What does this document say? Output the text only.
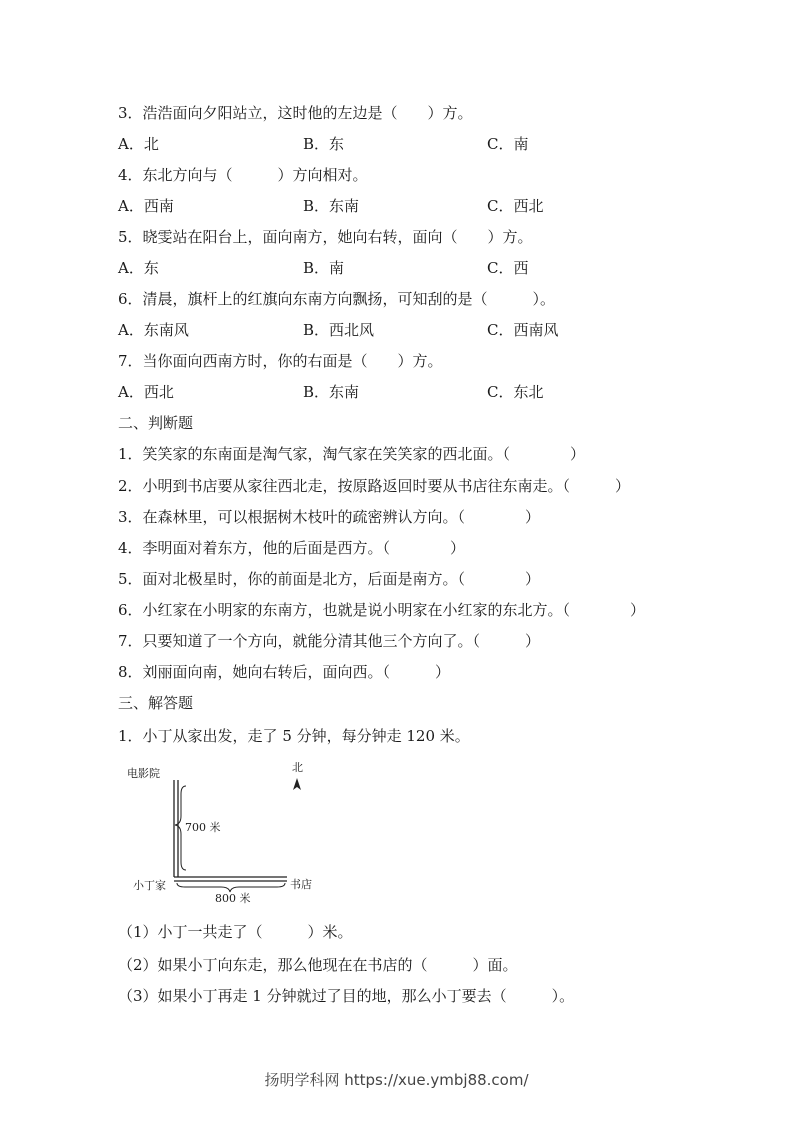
3．浩浩面向夕阳站立，这时他的左边是（　　）方。
A．北	B．东	C．南
4．东北方向与（　　　）方向相对。
A．西南	B．东南	C．西北
5．晓雯站在阳台上，面向南方，她向右转，面向（　　）方。
A．东	B．南	C．西
6．清晨，旗杆上的红旗向东南方向飘扬，可知刮的是（　　　）。
A．东南风	B．西北风	C．西南风
7．当你面向西南方时，你的右面是（　　）方。
A．西北	B．东南	C．东北
二、判断题
1．笑笑家的东南面是淘气家，淘气家在笑笑家的西北面。（　　　　）
2．小明到书店要从家往西北走，按原路返回时要从书店往东南走。（　　　）
3．在森林里，可以根据树木枝叶的疏密辨认方向。（　　　　）
4．李明面对着东方，他的后面是西方。（　　　　）
5．面对北极星时，你的前面是北方，后面是南方。（　　　　）
6．小红家在小明家的东南方，也就是说小明家在小红家的东北方。（　　　　）
7．只要知道了一个方向，就能分清其他三个方向了。（　　　）
8．刘丽面向南，她向右转后，面向西。（　　　）
三、解答题
1．小丁从家出发，走了 5 分钟，每分钟走 120 米。
电影院	北
700 米
小丁家
800 米
书店
（1）小丁一共走了（　　　）米。
（2）如果小丁向东走，那么他现在在书店的（　　　）面。
（3）如果小丁再走 1 分钟就过了目的地，那么小丁要去（　　　）。
扬明学科网 https://xue.ymbj88.com/
